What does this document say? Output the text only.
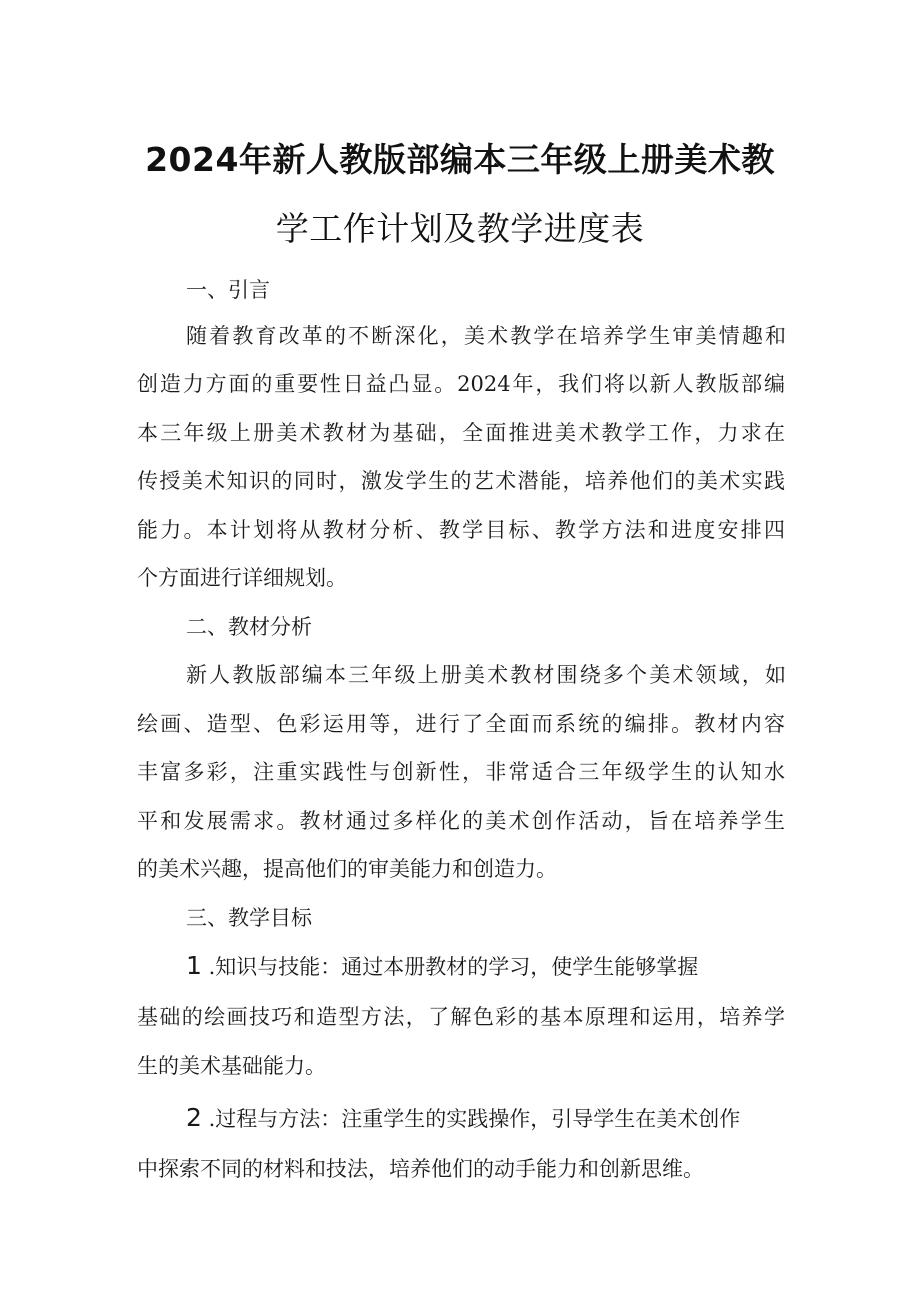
2024年新人教版部编本三年级上册美术教
学工作计划及教学进度表
一、引言
随着教育改革的不断深化，美术教学在培养学生审美情趣和
创造力方面的重要性日益凸显。2024年，我们将以新人教版部编
本三年级上册美术教材为基础，全面推进美术教学工作，力求在
传授美术知识的同时，激发学生的艺术潜能，培养他们的美术实践
能力。本计划将从教材分析、教学目标、教学方法和进度安排四
个方面进行详细规划。
二、教材分析
新人教版部编本三年级上册美术教材围绕多个美术领域，如
绘画、造型、色彩运用等，进行了全面而系统的编排。教材内容
丰富多彩，注重实践性与创新性，非常适合三年级学生的认知水
平和发展需求。教材通过多样化的美术创作活动，旨在培养学生
的美术兴趣，提高他们的审美能力和创造力。
三、教学目标
1 .知识与技能：通过本册教材的学习，使学生能够掌握
基础的绘画技巧和造型方法，了解色彩的基本原理和运用，培养学
生的美术基础能力。
2 .过程与方法：注重学生的实践操作，引导学生在美术创作
中探索不同的材料和技法，培养他们的动手能力和创新思维。
